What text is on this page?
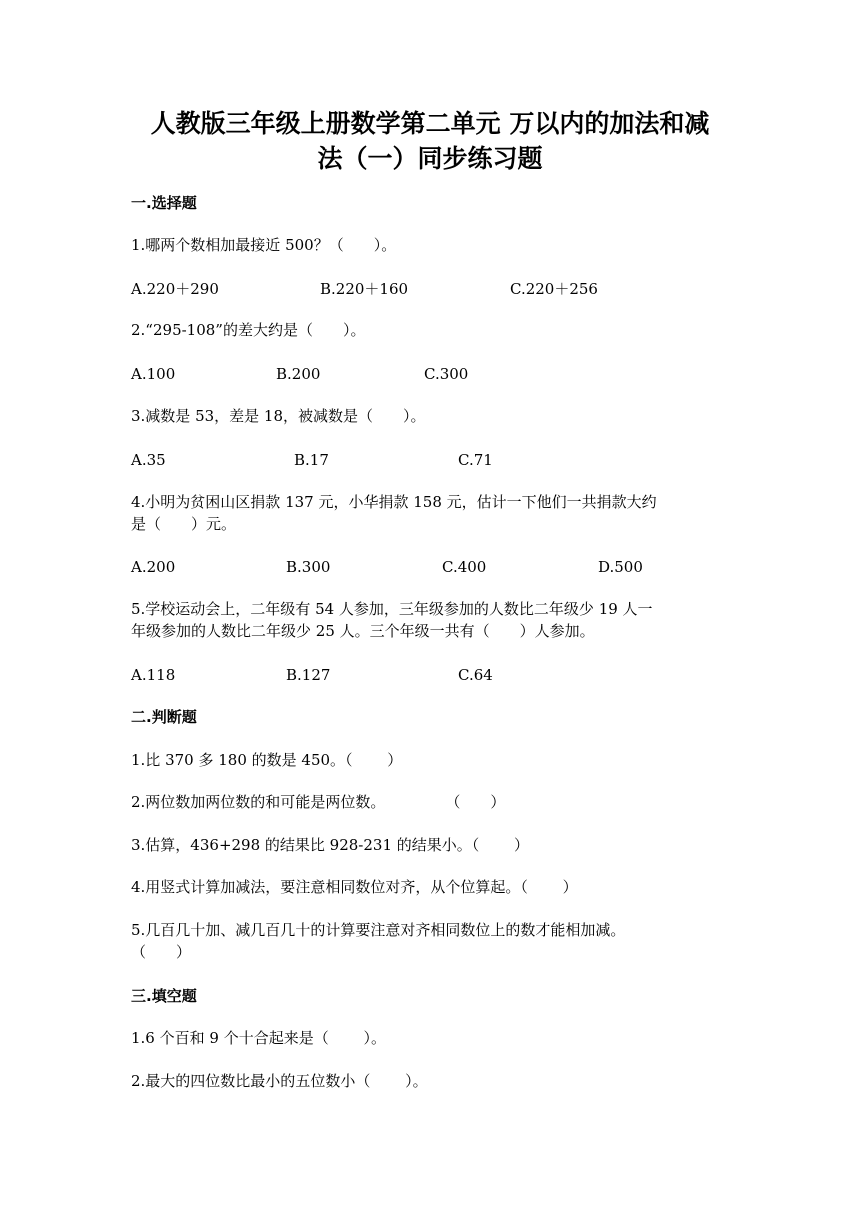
人教版三年级上册数学第二单元 万以内的加法和减
法（一）同步练习题
一.选择题
1.哪两个数相加最接近 500？（　　）。
A.220＋290	B.220＋160	C.220＋256
2.“295-108”的差大约是（　　）。
A.100	B.200	C.300
3.减数是 53，差是 18，被减数是（　　）。
A.35	B.17	C.71
4.小明为贫困山区捐款 137 元，小华捐款 158 元，估计一下他们一共捐款大约
是（　　）元。
A.200	B.300	C.400	D.500
5.学校运动会上，二年级有 54 人参加，三年级参加的人数比二年级少 19 人一
年级参加的人数比二年级少 25 人。三个年级一共有（　　）人参加。
A.118	B.127	C.64
二.判断题
1.比 370 多 180 的数是 450。（　　 ）
2.两位数加两位数的和可能是两位数。　　　　　（　　）
3.估算，436+298 的结果比 928-231 的结果小。（　　 ）
4.用竖式计算加减法，要注意相同数位对齐，从个位算起。（　　 ）
5.几百几十加、减几百几十的计算要注意对齐相同数位上的数才能相加减。
（　　）
三.填空题
1.6 个百和 9 个十合起来是（　　 ）。
2.最大的四位数比最小的五位数小（　　 ）。
